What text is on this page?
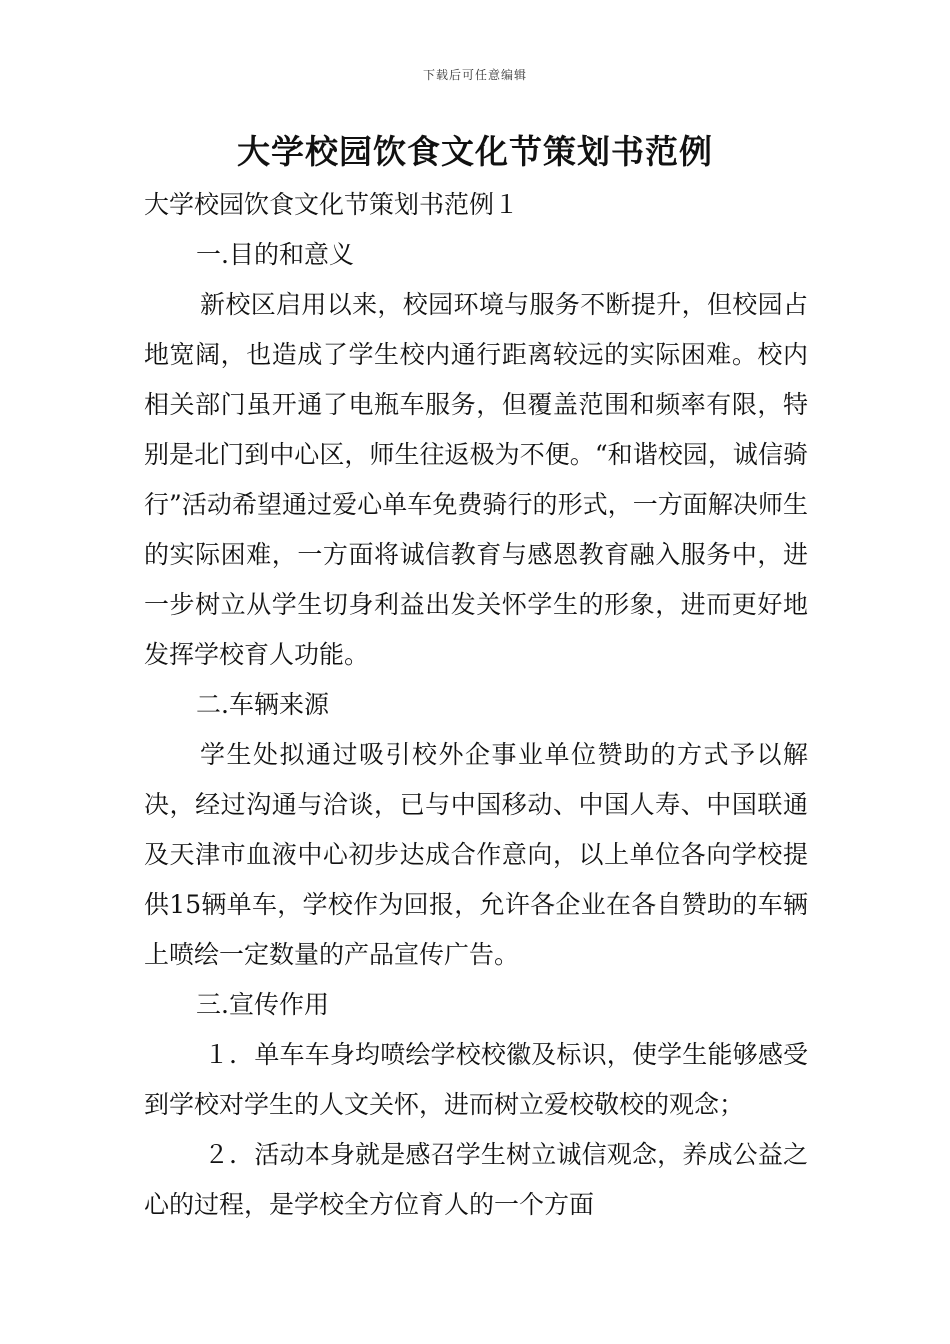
下载后可任意编辑
大学校园饮食文化节策划书范例

大学校园饮食文化节策划书范例１

一.目的和意义

新校区启用以来，校园环境与服务不断提升，但校园占地宽阔，也造成了学生校内通行距离较远的实际困难。校内相关部门虽开通了电瓶车服务，但覆盖范围和频率有限，特别是北门到中心区，师生往返极为不便。“和谐校园，诚信骑行”活动希望通过爱心单车免费骑行的形式，一方面解决师生的实际困难，一方面将诚信教育与感恩教育融入服务中，进一步树立从学生切身利益出发关怀学生的形象，进而更好地发挥学校育人功能。

二.车辆来源

学生处拟通过吸引校外企事业单位赞助的方式予以解决，经过沟通与洽谈，已与中国移动、中国人寿、中国联通及天津市血液中心初步达成合作意向，以上单位各向学校提供15辆单车，学校作为回报，允许各企业在各自赞助的车辆上喷绘一定数量的产品宣传广告。

三.宣传作用

１．单车车身均喷绘学校校徽及标识，使学生能够感受到学校对学生的人文关怀，进而树立爱校敬校的观念；

２．活动本身就是感召学生树立诚信观念，养成公益之心的过程，是学校全方位育人的一个方面
